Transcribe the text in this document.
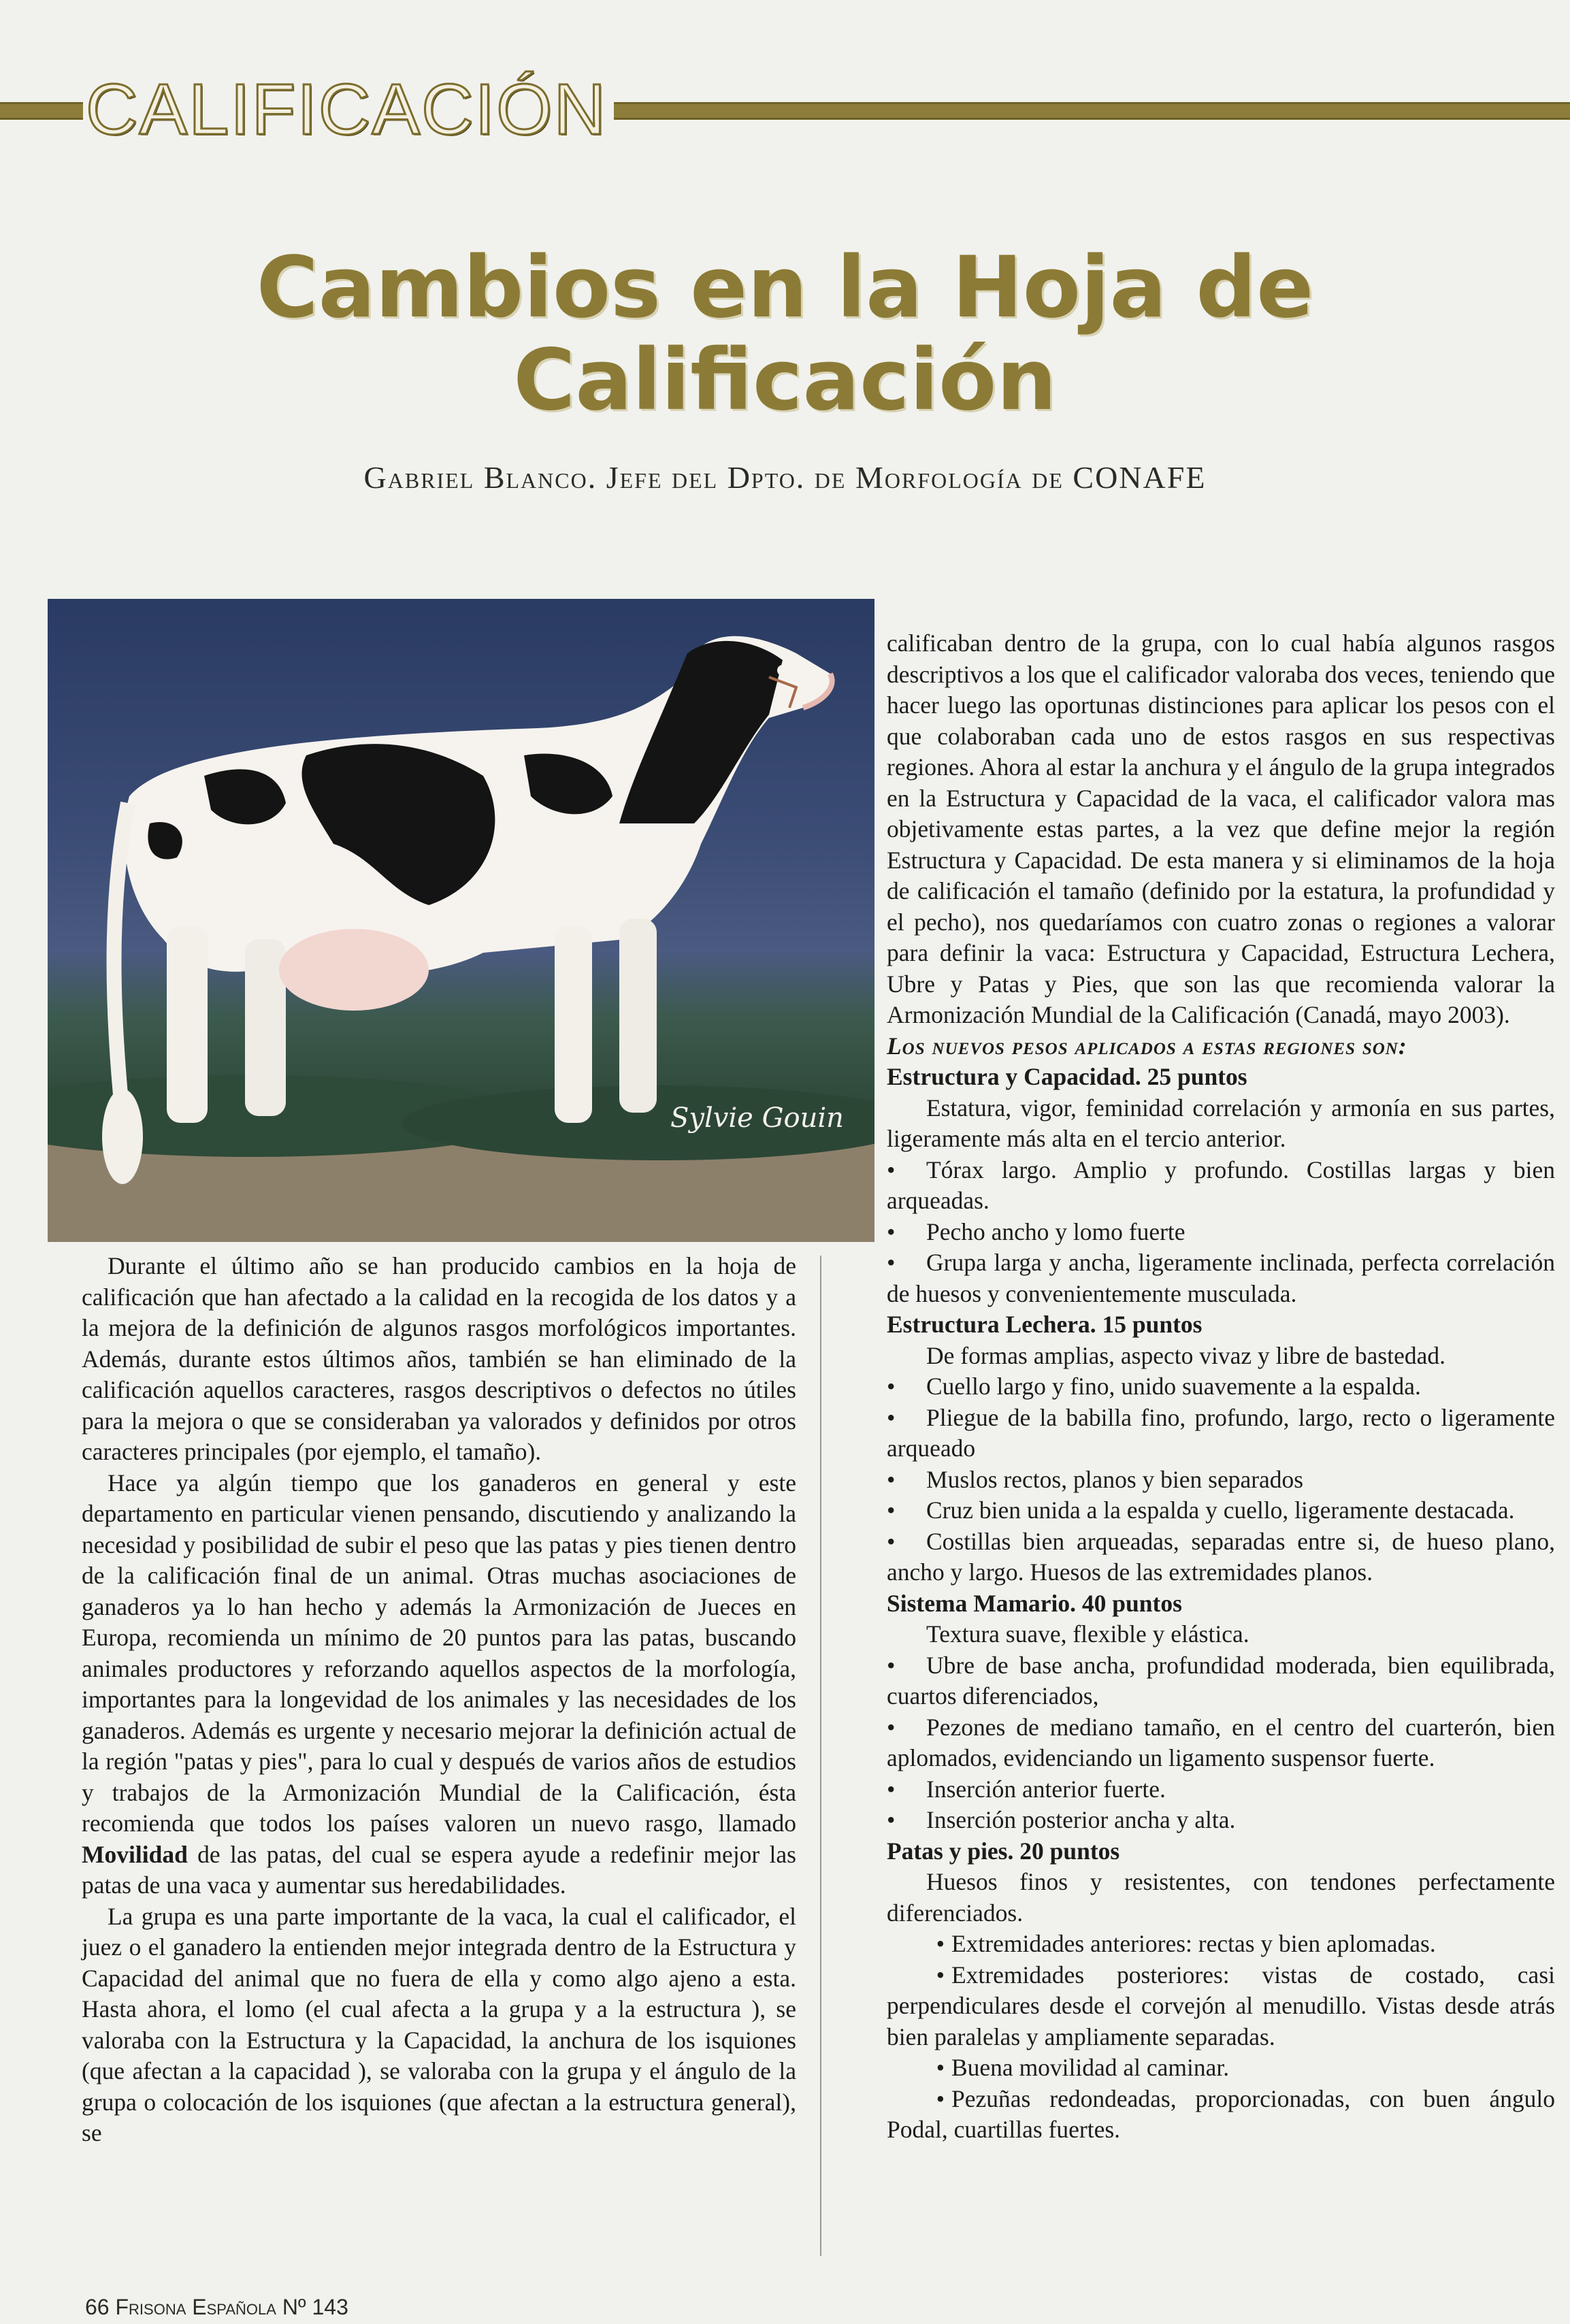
CALIFICACIÓN
Cambios en la Hoja de Calificación
Gabriel Blanco. Jefe del Dpto. de Morfología de CONAFE
Sylvie Gouin

Durante el último año se han producido cambios en la hoja de calificación que han afectado a la calidad en la recogida de los datos y a la mejora de la definición de algunos rasgos morfológicos importantes. Además, durante estos últimos años, también se han eliminado de la calificación aquellos caracteres, rasgos descriptivos o defectos no útiles para la mejora o que se consideraban ya valorados y definidos por otros caracteres principales (por ejemplo, el tamaño).

Hace ya algún tiempo que los ganaderos en general y este departamento en particular vienen pensando, discutiendo y analizando la necesidad y posibilidad de subir el peso que las patas y pies tienen dentro de la calificación final de un animal. Otras muchas asociaciones de ganaderos ya lo han hecho y además la Armonización de Jueces en Europa, recomienda un mínimo de 20 puntos para las patas, buscando animales productores y reforzando aquellos aspectos de la morfología, importantes para la longevidad de los animales y las necesidades de los ganaderos. Además es urgente y necesario mejorar la definición actual de la región "patas y pies", para lo cual y después de varios años de estudios y trabajos de la Armonización Mundial de la Calificación, ésta recomienda que todos los países valoren un nuevo rasgo, llamado Movilidad de las patas, del cual se espera ayude a redefinir mejor las patas de una vaca y aumentar sus heredabilidades.

La grupa es una parte importante de la vaca, la cual el calificador, el juez o el ganadero la entienden mejor integrada dentro de la Estructura y Capacidad del animal que no fuera de ella y como algo ajeno a esta. Hasta ahora, el lomo (el cual afecta a la grupa y a la estructura ), se valoraba con la Estructura y la Capacidad, la anchura de los isquiones (que afectan a la capacidad ), se valoraba con la grupa y el ángulo de la grupa o colocación de los isquiones (que afectan a la estructura general), se

calificaban dentro de la grupa, con lo cual había algunos rasgos descriptivos a los que el calificador valoraba dos veces, teniendo que hacer luego las oportunas distinciones para aplicar los pesos con el que colaboraban cada uno de estos rasgos en sus respectivas regiones. Ahora al estar la anchura y el ángulo de la grupa integrados en la Estructura y Capacidad de la vaca, el calificador valora mas objetivamente estas partes, a la vez que define mejor la región Estructura y Capacidad. De esta manera y si eliminamos de la hoja de calificación el tamaño (definido por la estatura, la profundidad y el pecho), nos quedaríamos con cuatro zonas o regiones a valorar para definir la vaca: Estructura y Capacidad, Estructura Lechera, Ubre y Patas y Pies, que son las que recomienda valorar la Armonización Mundial de la Calificación (Canadá, mayo 2003).

Los nuevos pesos aplicados a estas regiones son:

Estructura y Capacidad. 25 puntos

Estatura, vigor, feminidad correlación y armonía en sus partes, ligeramente más alta en el tercio anterior.

• Tórax largo. Amplio y profundo. Costillas largas y bien arqueadas.

• Pecho ancho y lomo fuerte

• Grupa larga y ancha, ligeramente inclinada, perfecta correlación de huesos y convenientemente musculada.

Estructura Lechera. 15 puntos

De formas amplias, aspecto vivaz y libre de bastedad.

• Cuello largo y fino, unido suavemente a la espalda.

• Pliegue de la babilla fino, profundo, largo, recto o ligeramente arqueado

• Muslos rectos, planos y bien separados

• Cruz bien unida a la espalda y cuello, ligeramente destacada.

• Costillas bien arqueadas, separadas entre si, de hueso plano, ancho y largo. Huesos de las extremidades planos.

Sistema Mamario. 40 puntos

Textura suave, flexible y elástica.

• Ubre de base ancha, profundidad moderada, bien equilibrada, cuartos diferenciados,

• Pezones de mediano tamaño, en el centro del cuarterón, bien aplomados, evidenciando un ligamento suspensor fuerte.

• Inserción anterior fuerte.

• Inserción posterior ancha y alta.

Patas y pies. 20 puntos

Huesos finos y resistentes, con tendones perfectamente diferenciados.

• Extremidades anteriores: rectas y bien aplomadas.

• Extremidades posteriores: vistas de costado, casi perpendiculares desde el corvejón al menudillo. Vistas desde atrás bien paralelas y ampliamente separadas.

• Buena movilidad al caminar.

• Pezuñas redondeadas, proporcionadas, con buen ángulo Podal, cuartillas fuertes.

66 Frisona Española Nº 143
